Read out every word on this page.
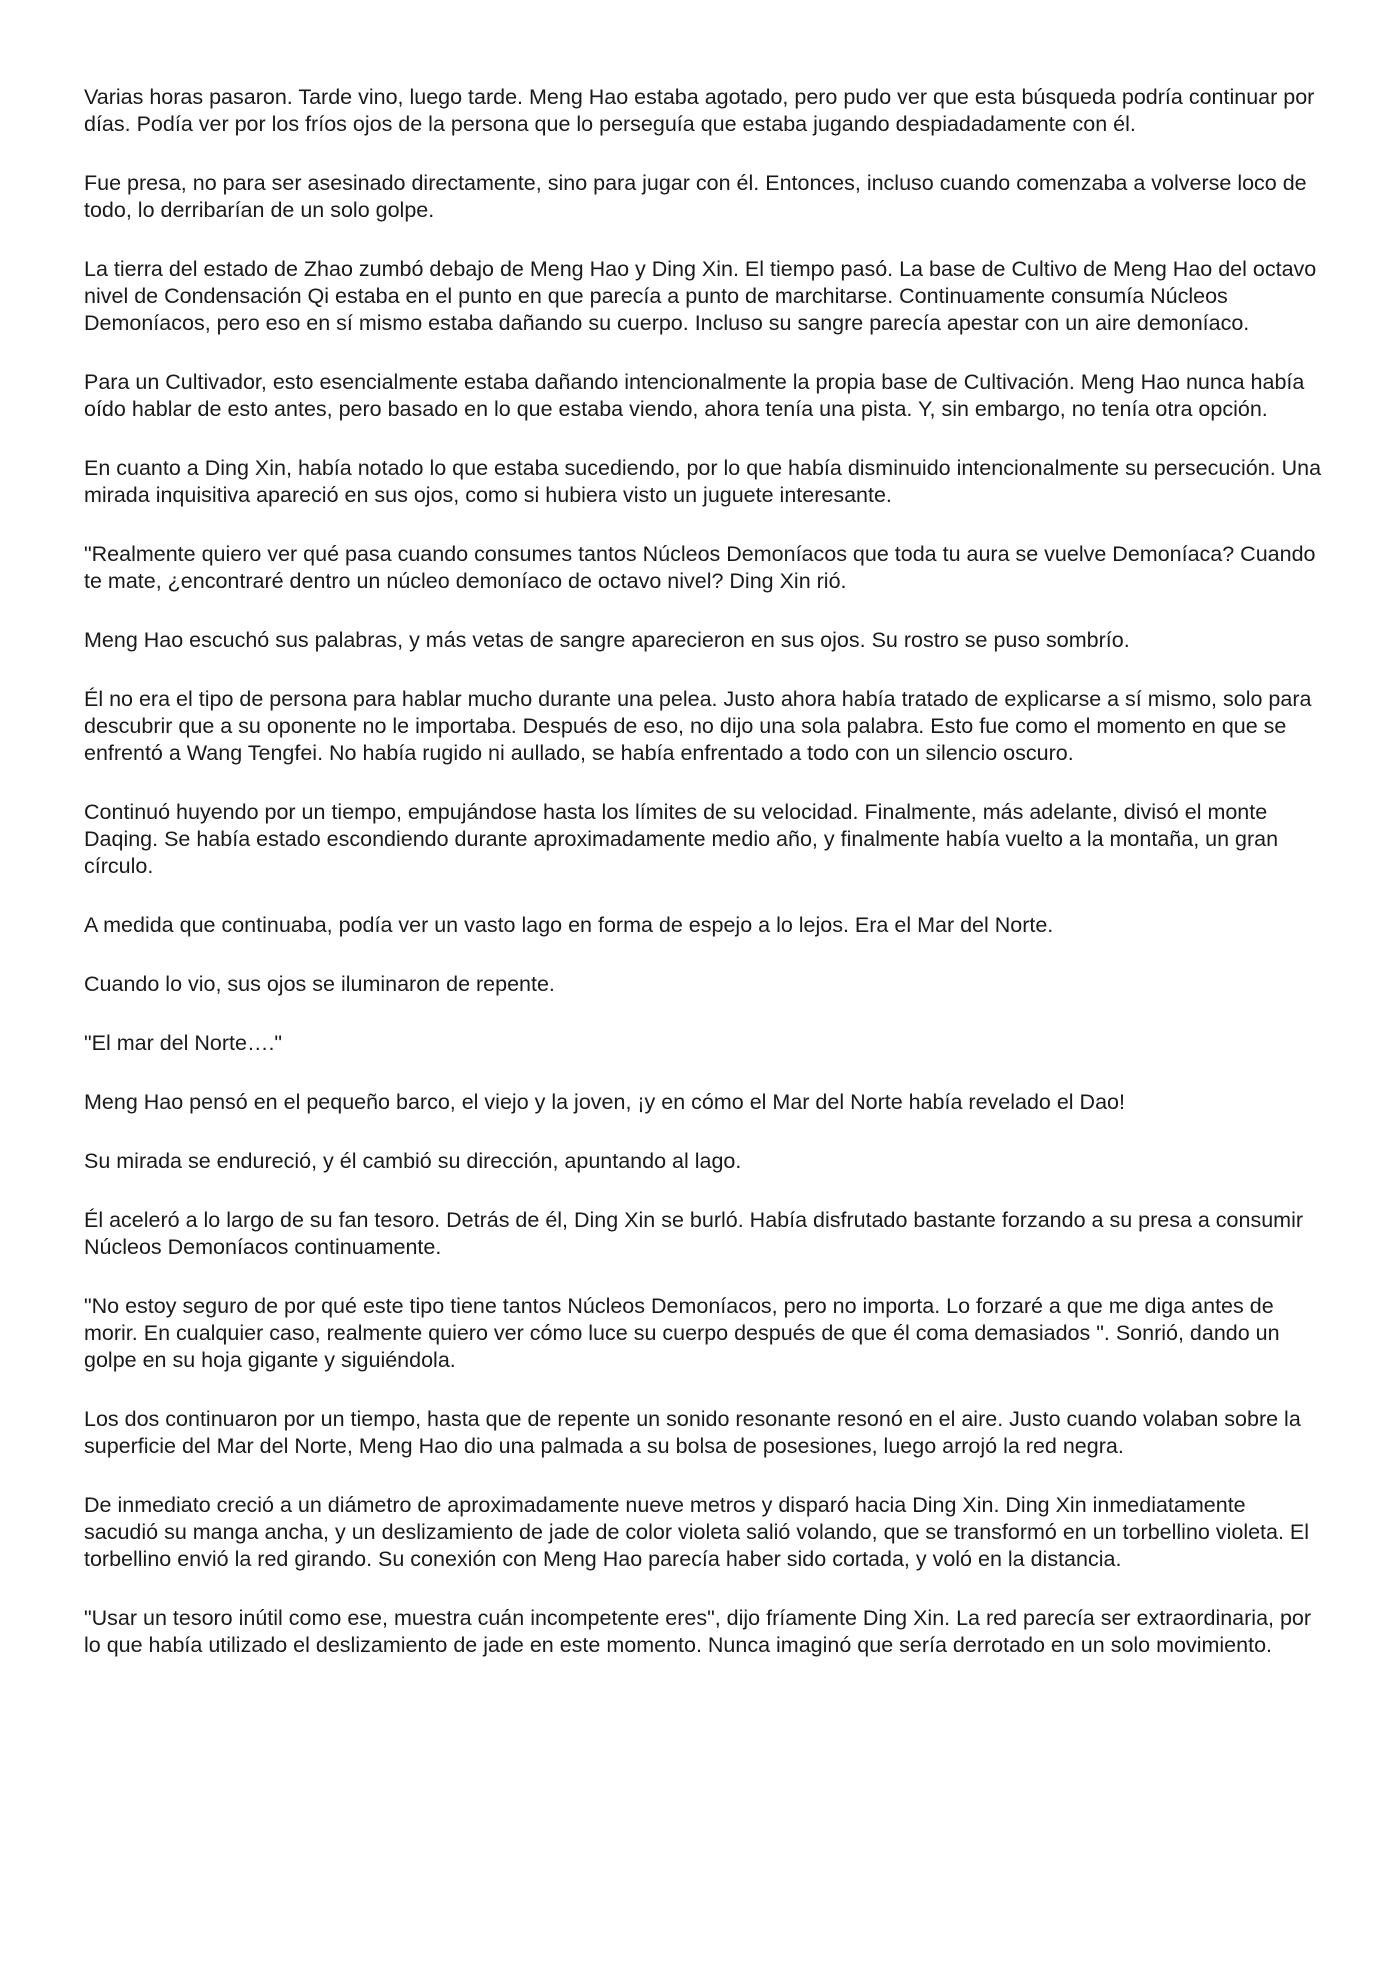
Varias horas pasaron. Tarde vino, luego tarde. Meng Hao estaba agotado, pero pudo ver que esta búsqueda podría continuar por días. Podía ver por los fríos ojos de la persona que lo perseguía que estaba jugando despiadadamente con él.

Fue presa, no para ser asesinado directamente, sino para jugar con él. Entonces, incluso cuando comenzaba a volverse loco de todo, lo derribarían de un solo golpe.

La tierra del estado de Zhao zumbó debajo de Meng Hao y Ding Xin. El tiempo pasó. La base de Cultivo de Meng Hao del octavo nivel de Condensación Qi estaba en el punto en que parecía a punto de marchitarse. Continuamente consumía Núcleos Demoníacos, pero eso en sí mismo estaba dañando su cuerpo. Incluso su sangre parecía apestar con un aire demoníaco.

Para un Cultivador, esto esencialmente estaba dañando intencionalmente la propia base de Cultivación. Meng Hao nunca había oído hablar de esto antes, pero basado en lo que estaba viendo, ahora tenía una pista. Y, sin embargo, no tenía otra opción.

En cuanto a Ding Xin, había notado lo que estaba sucediendo, por lo que había disminuido intencionalmente su persecución. Una mirada inquisitiva apareció en sus ojos, como si hubiera visto un juguete interesante.

"Realmente quiero ver qué pasa cuando consumes tantos Núcleos Demoníacos que toda tu aura se vuelve Demoníaca? Cuando te mate, ¿encontraré dentro un núcleo demoníaco de octavo nivel? Ding Xin rió.

Meng Hao escuchó sus palabras, y más vetas de sangre aparecieron en sus ojos. Su rostro se puso sombrío.

Él no era el tipo de persona para hablar mucho durante una pelea. Justo ahora había tratado de explicarse a sí mismo, solo para descubrir que a su oponente no le importaba. Después de eso, no dijo una sola palabra. Esto fue como el momento en que se enfrentó a Wang Tengfei. No había rugido ni aullado, se había enfrentado a todo con un silencio oscuro.

Continuó huyendo por un tiempo, empujándose hasta los límites de su velocidad. Finalmente, más adelante, divisó el monte Daqing. Se había estado escondiendo durante aproximadamente medio año, y finalmente había vuelto a la montaña, un gran círculo.

A medida que continuaba, podía ver un vasto lago en forma de espejo a lo lejos. Era el Mar del Norte.

Cuando lo vio, sus ojos se iluminaron de repente.

"El mar del Norte…."

Meng Hao pensó en el pequeño barco, el viejo y la joven, ¡y en cómo el Mar del Norte había revelado el Dao!

Su mirada se endureció, y él cambió su dirección, apuntando al lago.

Él aceleró a lo largo de su fan tesoro. Detrás de él, Ding Xin se burló. Había disfrutado bastante forzando a su presa a consumir Núcleos Demoníacos continuamente.

"No estoy seguro de por qué este tipo tiene tantos Núcleos Demoníacos, pero no importa. Lo forzaré a que me diga antes de morir. En cualquier caso, realmente quiero ver cómo luce su cuerpo después de que él coma demasiados ". Sonrió, dando un golpe en su hoja gigante y siguiéndola.

Los dos continuaron por un tiempo, hasta que de repente un sonido resonante resonó en el aire. Justo cuando volaban sobre la superficie del Mar del Norte, Meng Hao dio una palmada a su bolsa de posesiones, luego arrojó la red negra.

De inmediato creció a un diámetro de aproximadamente nueve metros y disparó hacia Ding Xin. Ding Xin inmediatamente sacudió su manga ancha, y un deslizamiento de jade de color violeta salió volando, que se transformó en un torbellino violeta. El torbellino envió la red girando. Su conexión con Meng Hao parecía haber sido cortada, y voló en la distancia.

"Usar un tesoro inútil como ese, muestra cuán incompetente eres", dijo fríamente Ding Xin. La red parecía ser extraordinaria, por lo que había utilizado el deslizamiento de jade en este momento. Nunca imaginó que sería derrotado en un solo movimiento.
